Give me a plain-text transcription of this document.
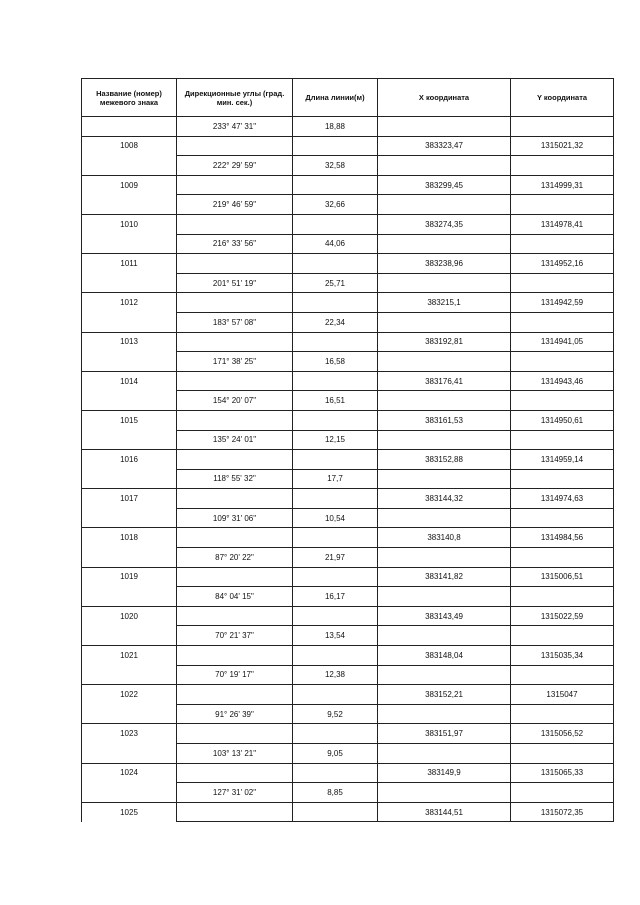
Название (номер) межевого знака	Дирекционные углы (град. мин. сек.)	Длина линии(м)	X координата	Y координата
	233° 47' 31"	18,88		
1008			383323,47	1315021,32
	222° 29' 59"	32,58		
1009			383299,45	1314999,31
	219° 46' 59"	32,66		
1010			383274,35	1314978,41
	216° 33' 56"	44,06		
1011			383238,96	1314952,16
	201° 51' 19"	25,71		
1012			383215,1	1314942,59
	183° 57' 08"	22,34		
1013			383192,81	1314941,05
	171° 38' 25"	16,58		
1014			383176,41	1314943,46
	154° 20' 07"	16,51		
1015			383161,53	1314950,61
	135° 24' 01"	12,15		
1016			383152,88	1314959,14
	118° 55' 32"	17,7		
1017			383144,32	1314974,63
	109° 31' 06"	10,54		
1018			383140,8	1314984,56
	87° 20' 22"	21,97		
1019			383141,82	1315006,51
	84° 04' 15"	16,17		
1020			383143,49	1315022,59
	70° 21' 37"	13,54		
1021			383148,04	1315035,34
	70° 19' 17"	12,38		
1022			383152,21	1315047
	91° 26' 39"	9,52		
1023			383151,97	1315056,52
	103° 13' 21"	9,05		
1024			383149,9	1315065,33
	127° 31' 02"	8,85		
1025			383144,51	1315072,35
